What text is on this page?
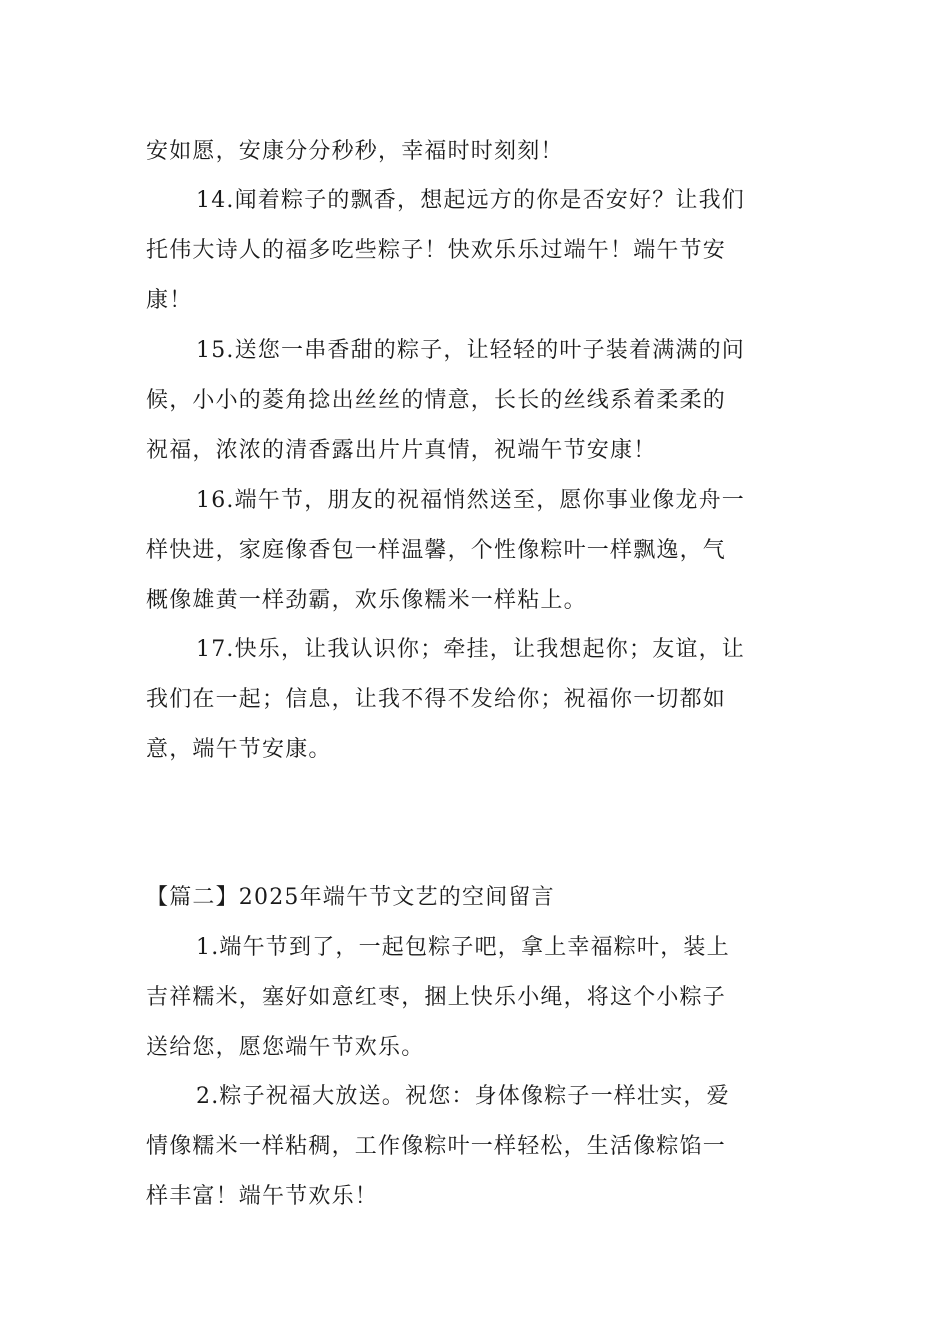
安如愿，安康分分秒秒，幸福时时刻刻！
14.闻着粽子的飘香，想起远方的你是否安好？让我们
托伟大诗人的福多吃些粽子！快欢乐乐过端午！端午节安
康！
15.送您一串香甜的粽子，让轻轻的叶子装着满满的问
候，小小的菱角捻出丝丝的情意，长长的丝线系着柔柔的
祝福，浓浓的清香露出片片真情，祝端午节安康！
16.端午节，朋友的祝福悄然送至，愿你事业像龙舟一
样快进，家庭像香包一样温馨，个性像粽叶一样飘逸，气
概像雄黄一样劲霸，欢乐像糯米一样粘上。
17.快乐，让我认识你；牵挂，让我想起你；友谊，让
我们在一起；信息，让我不得不发给你；祝福你一切都如
意，端午节安康。
【篇二】2025年端午节文艺的空间留言
1.端午节到了，一起包粽子吧，拿上幸福粽叶，装上
吉祥糯米，塞好如意红枣，捆上快乐小绳，将这个小粽子
送给您，愿您端午节欢乐。
2.粽子祝福大放送。祝您：身体像粽子一样壮实，爱
情像糯米一样粘稠，工作像粽叶一样轻松，生活像粽馅一
样丰富！端午节欢乐！
